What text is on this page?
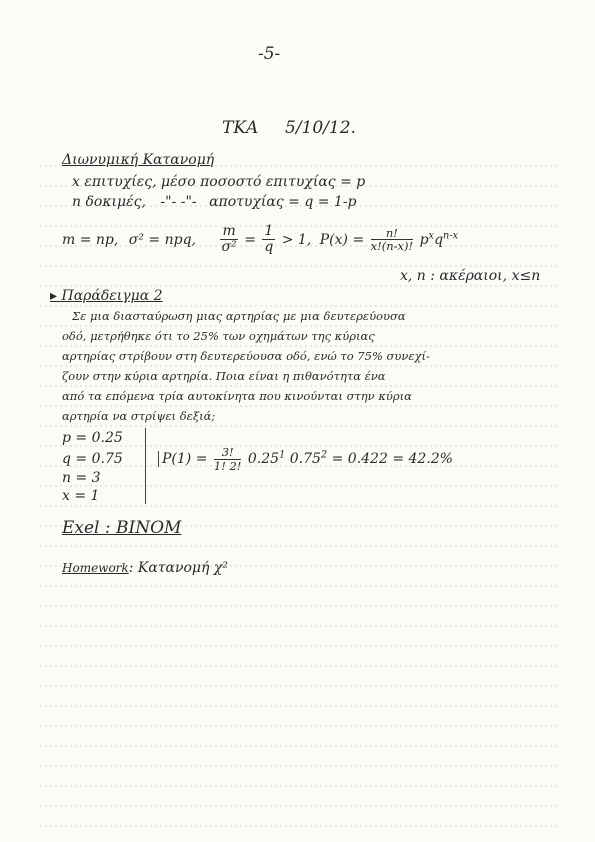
-5-
ΤΚΑ 5/10/12.
Διωνυμική Κατανομή
x επιτυχίες, μέσο ποσοστό επιτυχίας = p
n δοκιμές, -"- -"- αποτυχίας = q = 1-p
m = np, σ² = npq, $\frac{m}{\text{σ²}} = \frac{1}{q} > 1$, $P(x) = \frac{n!}{x!(n-x)!} p^xq^{n-x}$
x, n : ακέραιοι, x≤n
▸ Παράδειγμα 2
Σε μια διασταύρωση μιας αρτηρίας με μια δευτερεύουσα
οδό, μετρήθηκε ότι το 25% των οχημάτων της κύριας
αρτηρίας στρίβουν στη δευτερεύουσα οδό, ενώ το 75% συνεχί-
ζουν στην κύρια αρτηρία. Ποια είναι η πιθανότητα ένα
από τα επόμενα τρία αυτοκίνητα που κινούνται στην κύρια
αρτηρία να στρίψει δεξιά;
p = 0.25
q = 0.75
n = 3
x = 1
$P(1) = \frac{3!}{1! 2!} 0.25^1$ $0.75^2 = 0.422 = 42.2\%$
Exel : BINOM
Homework: Κατανομή χ²
